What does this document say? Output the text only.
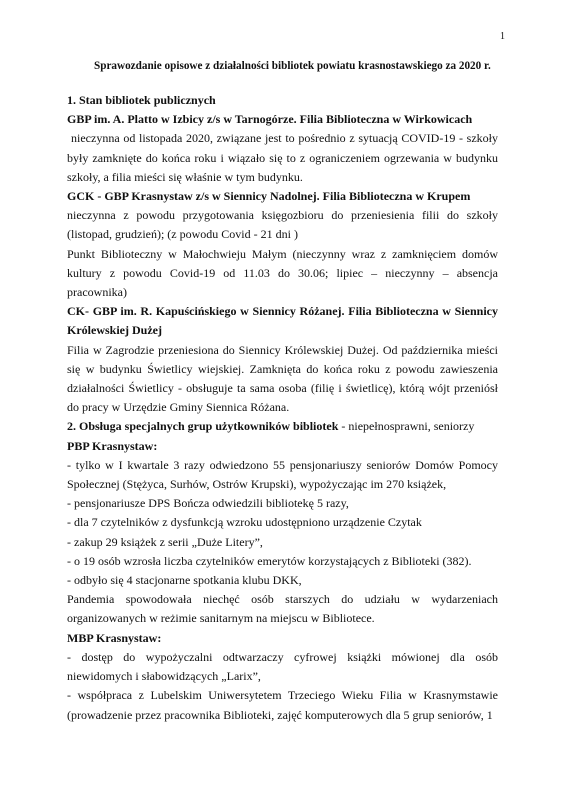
1
Sprawozdanie opisowe z działalności bibliotek powiatu krasnostawskiego za 2020 r.

1. Stan bibliotek publicznych

GBP im. A. Platto w Izbicy z/s w Tarnogórze. Filia Biblioteczna w Wirkowicach

nieczynna od listopada 2020, związane jest to pośrednio z sytuacją COVID-19 - szkoły były zamknięte do końca roku i wiązało się to z ograniczeniem ogrzewania w budynku szkoły, a filia mieści się właśnie w tym budynku.

GCK - GBP Krasnystaw z/s w Siennicy Nadolnej. Filia Biblioteczna w Krupem

nieczynna z powodu przygotowania księgozbioru do przeniesienia filii do szkoły (listopad, grudzień); (z powodu Covid - 21 dni )

Punkt Biblioteczny w Małochwieju Małym (nieczynny wraz z zamknięciem domów kultury z powodu Covid-19 od 11.03 do 30.06; lipiec – nieczynny – absencja pracownika)

CK- GBP im. R. Kapuścińskiego w Siennicy Różanej. Filia Biblioteczna w Siennicy Królewskiej Dużej

Filia w Zagrodzie przeniesiona do Siennicy Królewskiej Dużej. Od października mieści się w budynku Świetlicy wiejskiej. Zamknięta do końca roku z powodu zawieszenia działalności Świetlicy - obsługuje ta sama osoba (filię i świetlicę), którą wójt przeniósł do pracy w Urzędzie Gminy Siennica Różana.

2. Obsługa specjalnych grup użytkowników bibliotek - niepełnosprawni, seniorzy

PBP Krasnystaw:

- tylko w I kwartale 3 razy odwiedzono 55 pensjonariuszy seniorów Domów Pomocy Społecznej (Stężyca, Surhów, Ostrów Krupski), wypożyczając im 270 książek,

- pensjonariusze DPS Bończa odwiedzili bibliotekę 5 razy,

- dla 7 czytelników z dysfunkcją wzroku udostępniono urządzenie Czytak

- zakup 29 książek z serii „Duże Litery”,

- o 19 osób wzrosła liczba czytelników emerytów korzystających z Biblioteki (382).

- odbyło się 4 stacjonarne spotkania klubu DKK,

Pandemia spowodowała niechęć osób starszych do udziału w wydarzeniach organizowanych w reżimie sanitarnym na miejscu w Bibliotece.

MBP Krasnystaw:

- dostęp do wypożyczalni odtwarzaczy cyfrowej książki mówionej dla osób niewidomych i słabowidzących „Larix”,

- współpraca z Lubelskim Uniwersytetem Trzeciego Wieku Filia w Krasnymstawie (prowadzenie przez pracownika Biblioteki, zajęć komputerowych dla 5 grup seniorów, 1
